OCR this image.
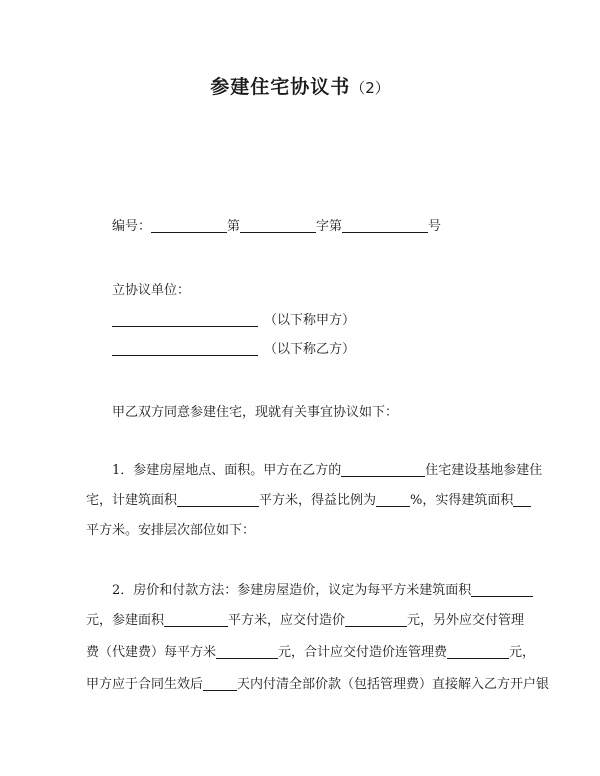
参建住宅协议书（2）
编号：	第	字第	号
立协议单位：
（以下称甲方）
（以下称乙方）
甲乙双方同意参建住宅，现就有关事宜协议如下：
1．参建房屋地点、面积。甲方在乙方的	住宅建设基地参建住
宅，计建筑面积	平方米，得益比例为	%，实得建筑面积
平方米。安排层次部位如下：
2．房价和付款方法：参建房屋造价，议定为每平方米建筑面积
元，参建面积	平方米，应交付造价	元，另外应交付管理
费（代建费）每平方米	元，合计应交付造价连管理费	元，
甲方应于合同生效后	天内付清全部价款（包括管理费）直接解入乙方开户银
